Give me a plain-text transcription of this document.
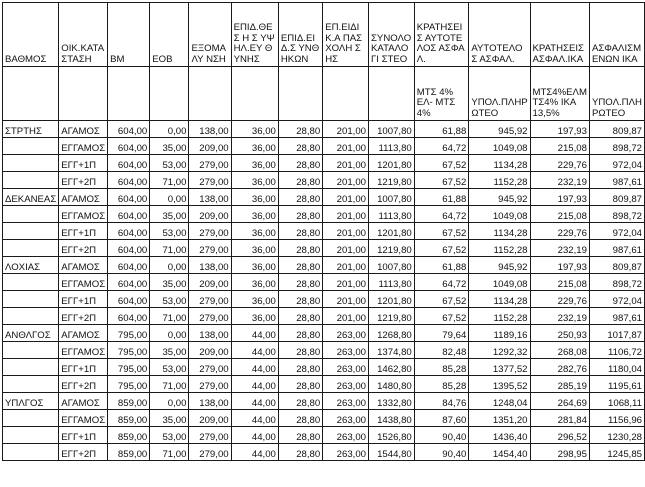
ΒΑΘΜΟΣ	ΟΙΚ.ΚΑΤΑ ΣΤΑΣΗ	ΒΜ	ΕΟΒ	ΕΞΟΜΑΛΥ ΝΣΗ	ΕΠΙΔ.ΘΕΣ Η Σ ΥΨΗΛ.ΕΥ ΘΥΝΗΣ	ΕΠΙΔ.ΕΙΔ.Σ ΥΝΘΗΚΩΝ	ΕΠ.ΕΙΔΙΚ.Α ΠΑΣΧΟΛΗ ΣΗΣ	ΣΥΝΟΛΟ ΚΑΤΑΛΟΓΙ ΣΤΕΟ	ΚΡΑΤΗΣΕΙΣ ΑΥΤΟΤΕΛΟΣ ΑΣΦΑΛ.	ΑΥΤΟΤΕΛΟΣ ΑΣΦΑΛ.	ΚΡΑΤΗΣΕΙΣ ΑΣΦΑΛ.ΙΚΑ	ΑΣΦΑΛΙΣΜ ΕΝΩΝ ΙΚΑ
									ΜΤΣ 4% ΕΛ- ΜΤΣ 4%	ΥΠΟΛ.ΠΛΗΡ ΩΤΕΟ	ΜΤΣ4%ΕΛΜ ΤΣ4% ΙΚΑ 13,5%	ΥΠΟΛ.ΠΛΗ ΡΩΤΕΟ
ΣΤΡΤΗΣ	ΑΓΑΜΟΣ	604,00	0,00	138,00	36,00	28,80	201,00	1007,80	61,88	945,92	197,93	809,87
	ΕΓΓΑΜΟΣ	604,00	35,00	209,00	36,00	28,80	201,00	1113,80	64,72	1049,08	215,08	898,72
	ΕΓΓ+1Π	604,00	53,00	279,00	36,00	28,80	201,00	1201,80	67,52	1134,28	229,76	972,04
	ΕΓΓ+2Π	604,00	71,00	279,00	36,00	28,80	201,00	1219,80	67,52	1152,28	232,19	987,61
ΔΕΚΑΝΕΑΣ	ΑΓΑΜΟΣ	604,00	0,00	138,00	36,00	28,80	201,00	1007,80	61,88	945,92	197,93	809,87
	ΕΓΓΑΜΟΣ	604,00	35,00	209,00	36,00	28,80	201,00	1113,80	64,72	1049,08	215,08	898,72
	ΕΓΓ+1Π	604,00	53,00	279,00	36,00	28,80	201,00	1201,80	67,52	1134,28	229,76	972,04
	ΕΓΓ+2Π	604,00	71,00	279,00	36,00	28,80	201,00	1219,80	67,52	1152,28	232,19	987,61
ΛΟΧΙΑΣ	ΑΓΑΜΟΣ	604,00	0,00	138,00	36,00	28,80	201,00	1007,80	61,88	945,92	197,93	809,87
	ΕΓΓΑΜΟΣ	604,00	35,00	209,00	36,00	28,80	201,00	1113,80	64,72	1049,08	215,08	898,72
	ΕΓΓ+1Π	604,00	53,00	279,00	36,00	28,80	201,00	1201,80	67,52	1134,28	229,76	972,04
	ΕΓΓ+2Π	604,00	71,00	279,00	36,00	28,80	201,00	1219,80	67,52	1152,28	232,19	987,61
ΑΝΘΛΓΟΣ	ΑΓΑΜΟΣ	795,00	0,00	138,00	44,00	28,80	263,00	1268,80	79,64	1189,16	250,93	1017,87
	ΕΓΓΑΜΟΣ	795,00	35,00	209,00	44,00	28,80	263,00	1374,80	82,48	1292,32	268,08	1106,72
	ΕΓΓ+1Π	795,00	53,00	279,00	44,00	28,80	263,00	1462,80	85,28	1377,52	282,76	1180,04
	ΕΓΓ+2Π	795,00	71,00	279,00	44,00	28,80	263,00	1480,80	85,28	1395,52	285,19	1195,61
ΥΠΛΓΟΣ	ΑΓΑΜΟΣ	859,00	0,00	138,00	44,00	28,80	263,00	1332,80	84,76	1248,04	264,69	1068,11
	ΕΓΓΑΜΟΣ	859,00	35,00	209,00	44,00	28,80	263,00	1438,80	87,60	1351,20	281,84	1156,96
	ΕΓΓ+1Π	859,00	53,00	279,00	44,00	28,80	263,00	1526,80	90,40	1436,40	296,52	1230,28
	ΕΓΓ+2Π	859,00	71,00	279,00	44,00	28,80	263,00	1544,80	90,40	1454,40	298,95	1245,85
